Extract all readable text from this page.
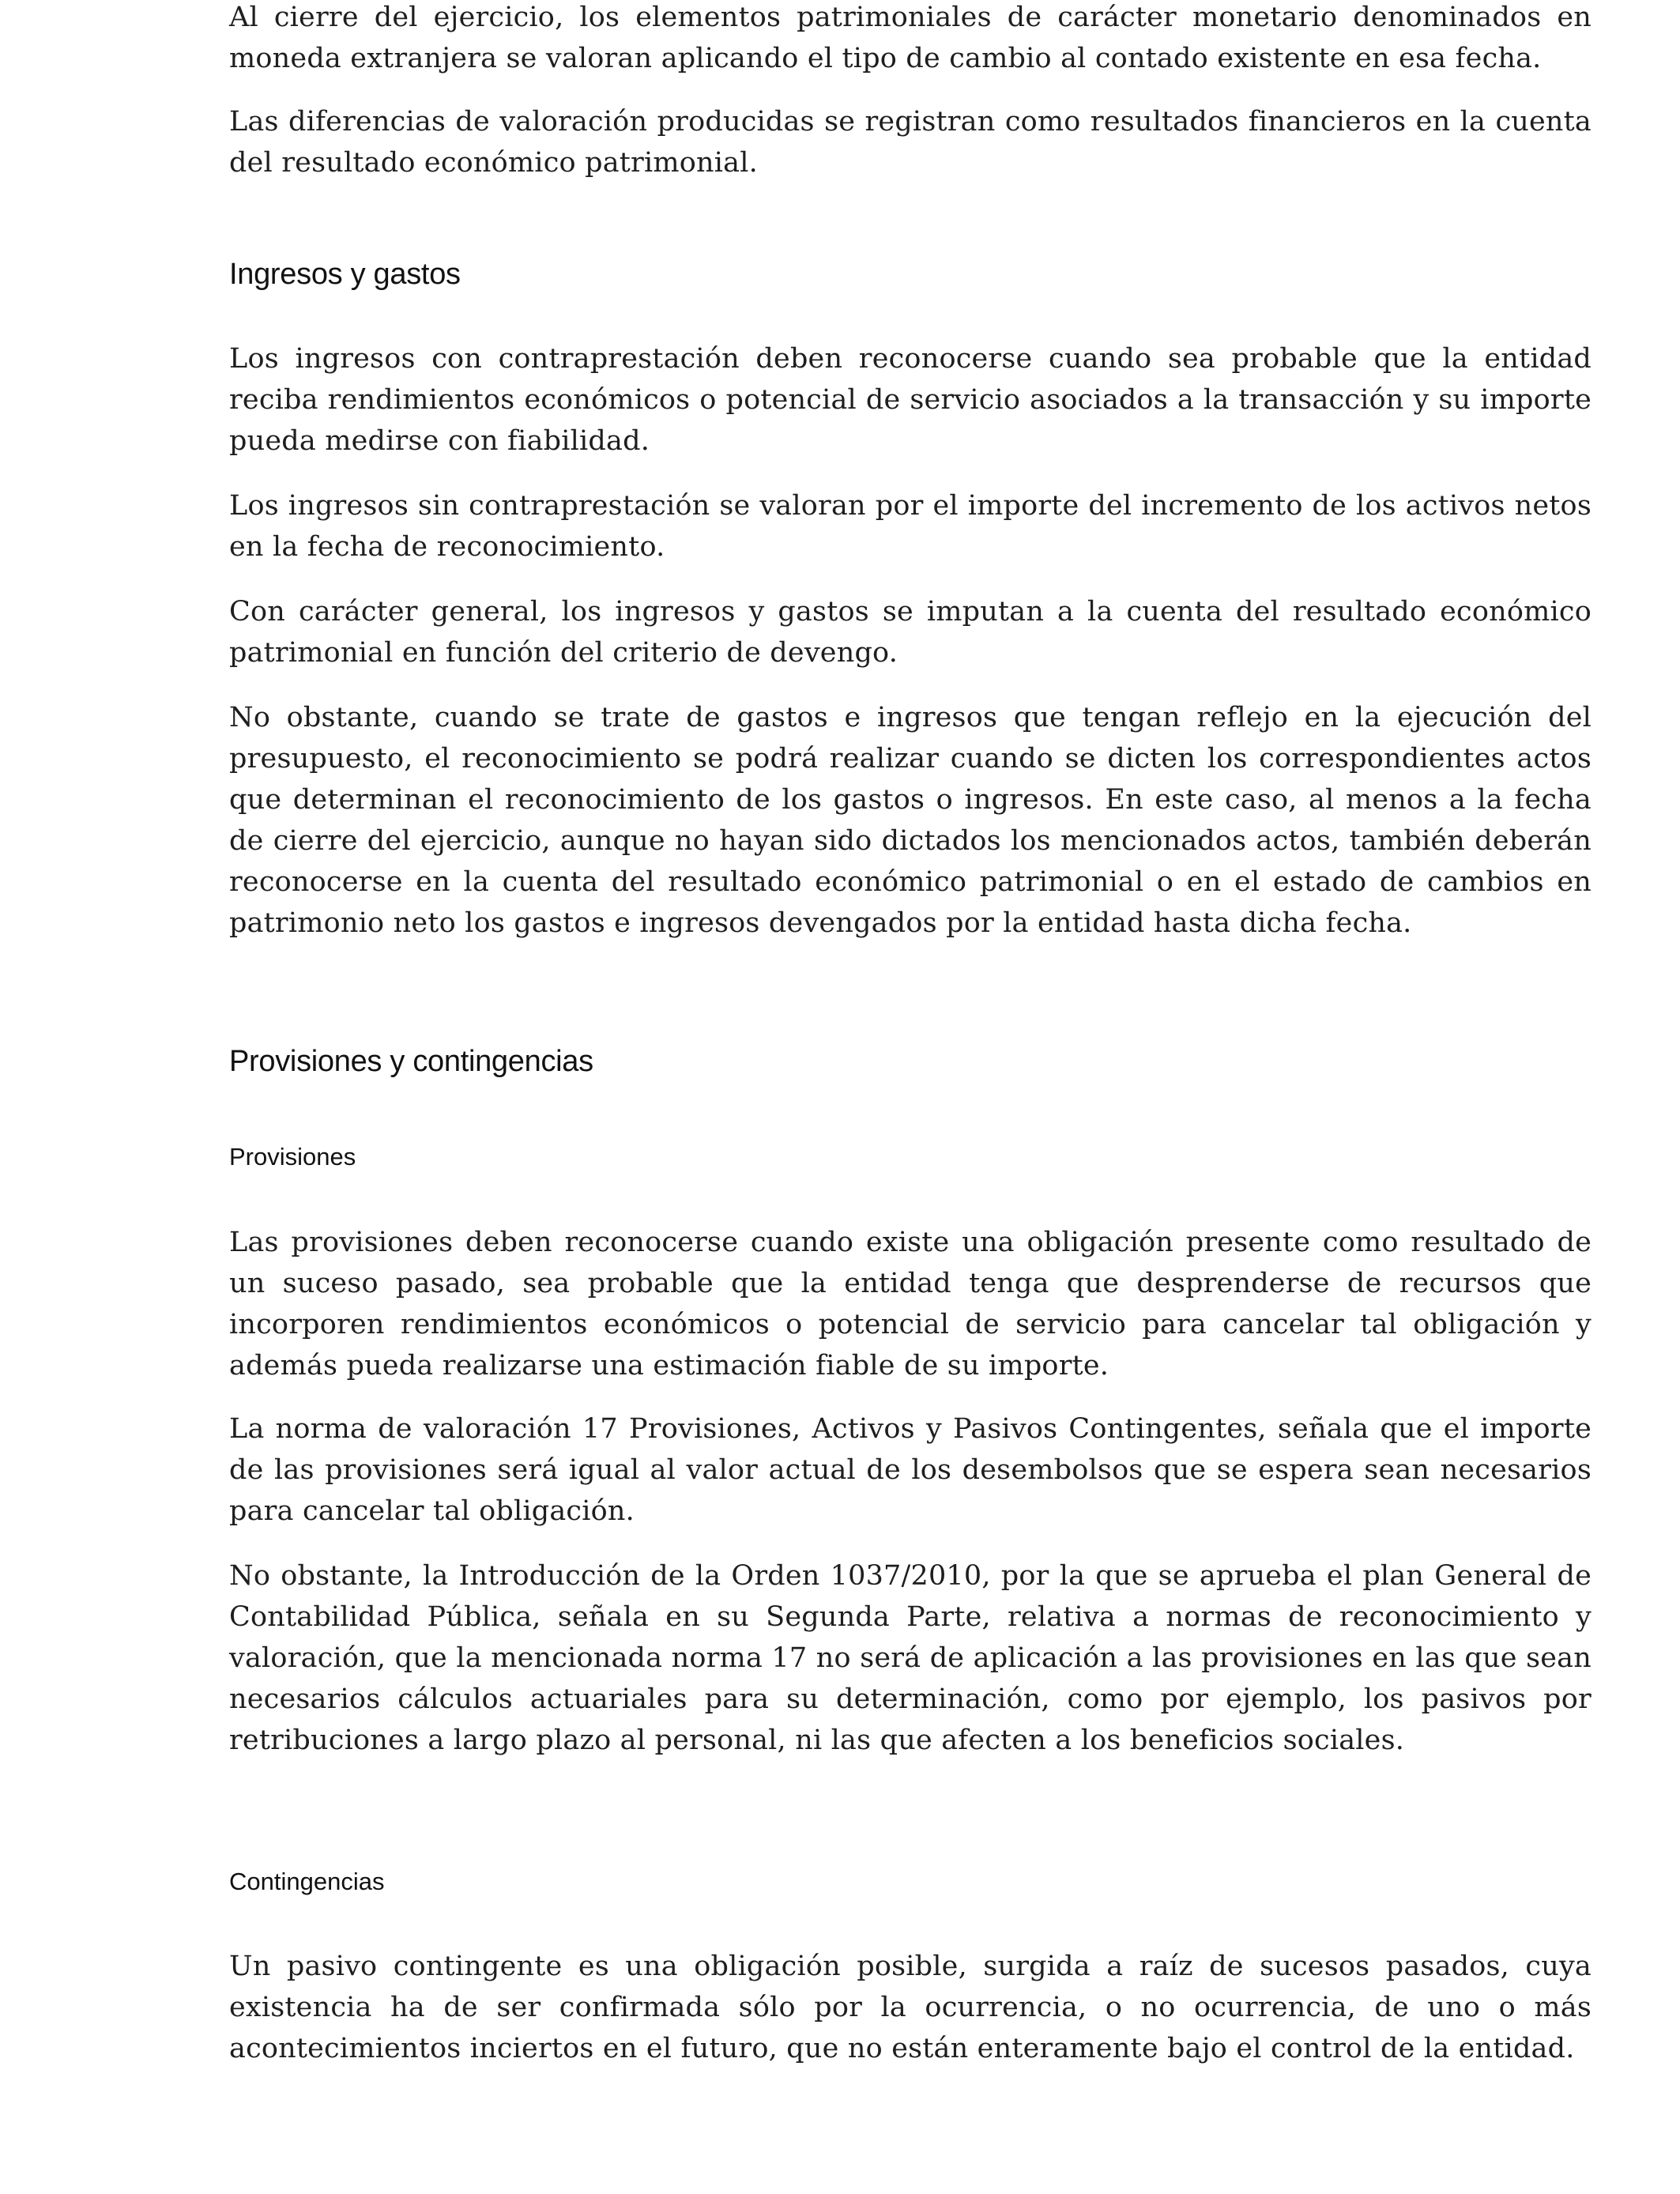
Al cierre del ejercicio, los elementos patrimoniales de carácter monetario denominados en moneda extranjera se valoran aplicando el tipo de cambio al contado existente en esa fecha.

Las diferencias de valoración producidas se registran como resultados financieros en la cuenta del resultado económico patrimonial.

Ingresos y gastos

Los ingresos con contraprestación deben reconocerse cuando sea probable que la entidad reciba rendimientos económicos o potencial de servicio asociados a la transacción y su importe pueda medirse con fiabilidad.

Los ingresos sin contraprestación se valoran por el importe del incremento de los activos netos en la fecha de reconocimiento.

Con carácter general, los ingresos y gastos se imputan a la cuenta del resultado económico patrimonial en función del criterio de devengo.

No obstante, cuando se trate de gastos e ingresos que tengan reflejo en la ejecución del presupuesto, el reconocimiento se podrá realizar cuando se dicten los correspondientes actos que determinan el reconocimiento de los gastos o ingresos. En este caso, al menos a la fecha de cierre del ejercicio, aunque no hayan sido dictados los mencionados actos, también deberán reconocerse en la cuenta del resultado económico patrimonial o en el estado de cambios en patrimonio neto los gastos e ingresos devengados por la entidad hasta dicha fecha.

Provisiones y contingencias
Provisiones

Las provisiones deben reconocerse cuando existe una obligación presente como resultado de un suceso pasado, sea probable que la entidad tenga que desprenderse de recursos que incorporen rendimientos económicos o potencial de servicio para cancelar tal obligación y además pueda realizarse una estimación fiable de su importe.

La norma de valoración 17 Provisiones, Activos y Pasivos Contingentes, señala que el importe de las provisiones será igual al valor actual de los desembolsos que se espera sean necesarios para cancelar tal obligación.

No obstante, la Introducción de la Orden 1037/2010, por la que se aprueba el plan General de Contabilidad Pública, señala en su Segunda Parte, relativa a normas de reconocimiento y valoración, que la mencionada norma 17 no será de aplicación a las provisiones en las que sean necesarios cálculos actuariales para su determinación, como por ejemplo, los pasivos por retribuciones a largo plazo al personal, ni las que afecten a los beneficios sociales.

Contingencias

Un pasivo contingente es una obligación posible, surgida a raíz de sucesos pasados, cuya existencia ha de ser confirmada sólo por la ocurrencia, o no ocurrencia, de uno o más acontecimientos inciertos en el futuro, que no están enteramente bajo el control de la entidad.
